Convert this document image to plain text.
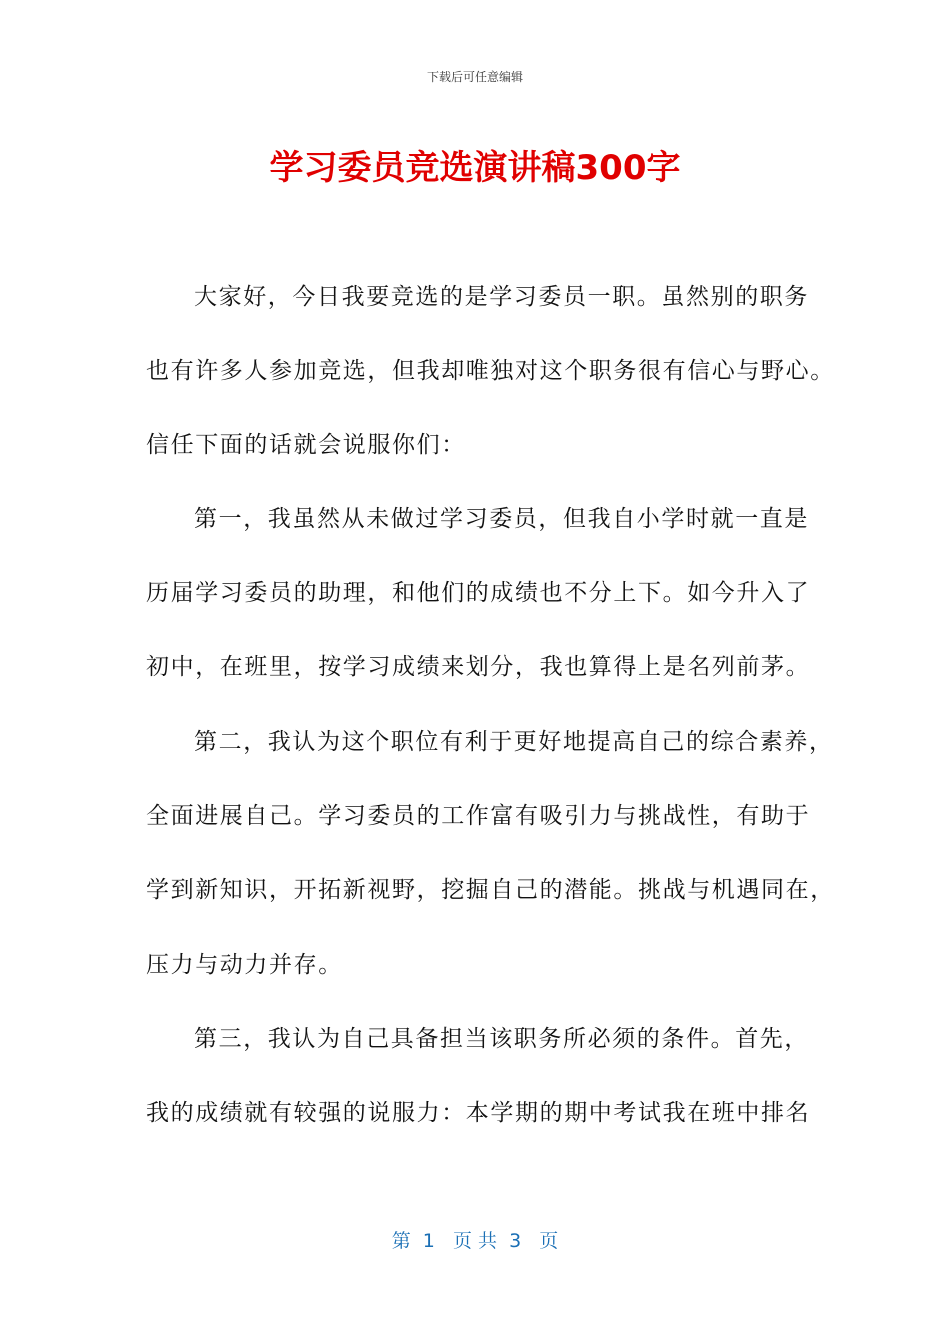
下载后可任意编辑
学习委员竞选演讲稿300字
大家好，今日我要竞选的是学习委员一职。虽然别的职务
也有许多人参加竞选，但我却唯独对这个职务很有信心与野心。
信任下面的话就会说服你们：
第一，我虽然从未做过学习委员，但我自小学时就一直是
历届学习委员的助理，和他们的成绩也不分上下。如今升入了
初中，在班里，按学习成绩来划分，我也算得上是名列前茅。
第二，我认为这个职位有利于更好地提高自己的综合素养，
全面进展自己。学习委员的工作富有吸引力与挑战性，有助于
学到新知识，开拓新视野，挖掘自己的潜能。挑战与机遇同在，
压力与动力并存。
第三，我认为自己具备担当该职务所必须的条件。首先，
我的成绩就有较强的说服力：本学期的期中考试我在班中排名
第  1   页 共  3   页
